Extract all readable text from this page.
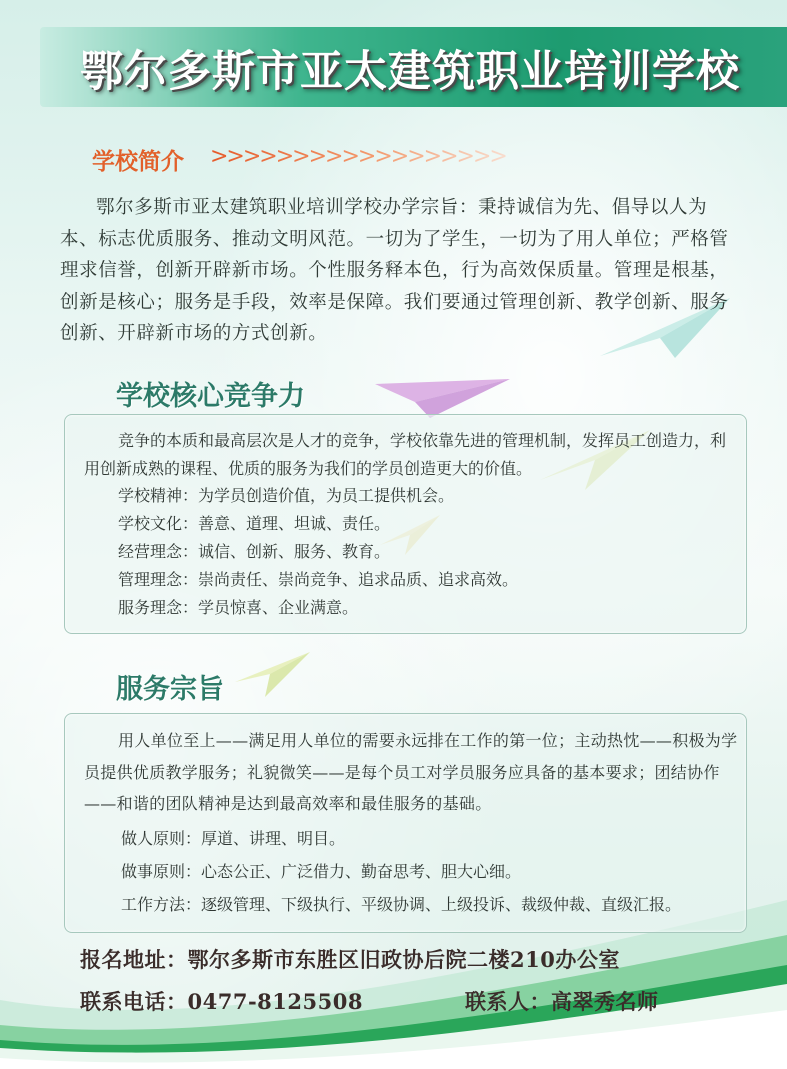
鄂尔多斯市亚太建筑职业培训学校
学校简介 >>>>>>>>>>>>>>>>>>

鄂尔多斯市亚太建筑职业培训学校办学宗旨：秉持诚信为先、倡导以人为本、标志优质服务、推动文明风范。一切为了学生，一切为了用人单位；严格管理求信誉，创新开辟新市场。个性服务释本色，行为高效保质量。管理是根基，创新是核心；服务是手段，效率是保障。我们要通过管理创新、教学创新、服务创新、开辟新市场的方式创新。

学校核心竞争力

竞争的本质和最高层次是人才的竞争，学校依靠先进的管理机制，发挥员工创造力，利用创新成熟的课程、优质的服务为我们的学员创造更大的价值。

学校精神：为学员创造价值，为员工提供机会。
学校文化：善意、道理、坦诚、责任。
经营理念：诚信、创新、服务、教育。
管理理念：崇尚责任、崇尚竞争、追求品质、追求高效。
服务理念：学员惊喜、企业满意。
服务宗旨

用人单位至上——满足用人单位的需要永远排在工作的第一位；主动热忱——积极为学员提供优质教学服务；礼貌微笑——是每个员工对学员服务应具备的基本要求；团结协作——和谐的团队精神是达到最高效率和最佳服务的基础。

做人原则：厚道、讲理、明目。
做事原则：心态公正、广泛借力、勤奋思考、胆大心细。
工作方法：逐级管理、下级执行、平级协调、上级投诉、裁级仲裁、直级汇报。
报名地址：鄂尔多斯市东胜区旧政协后院二楼210办公室
联系电话：0477-8125508	联系人：高翠秀名师
